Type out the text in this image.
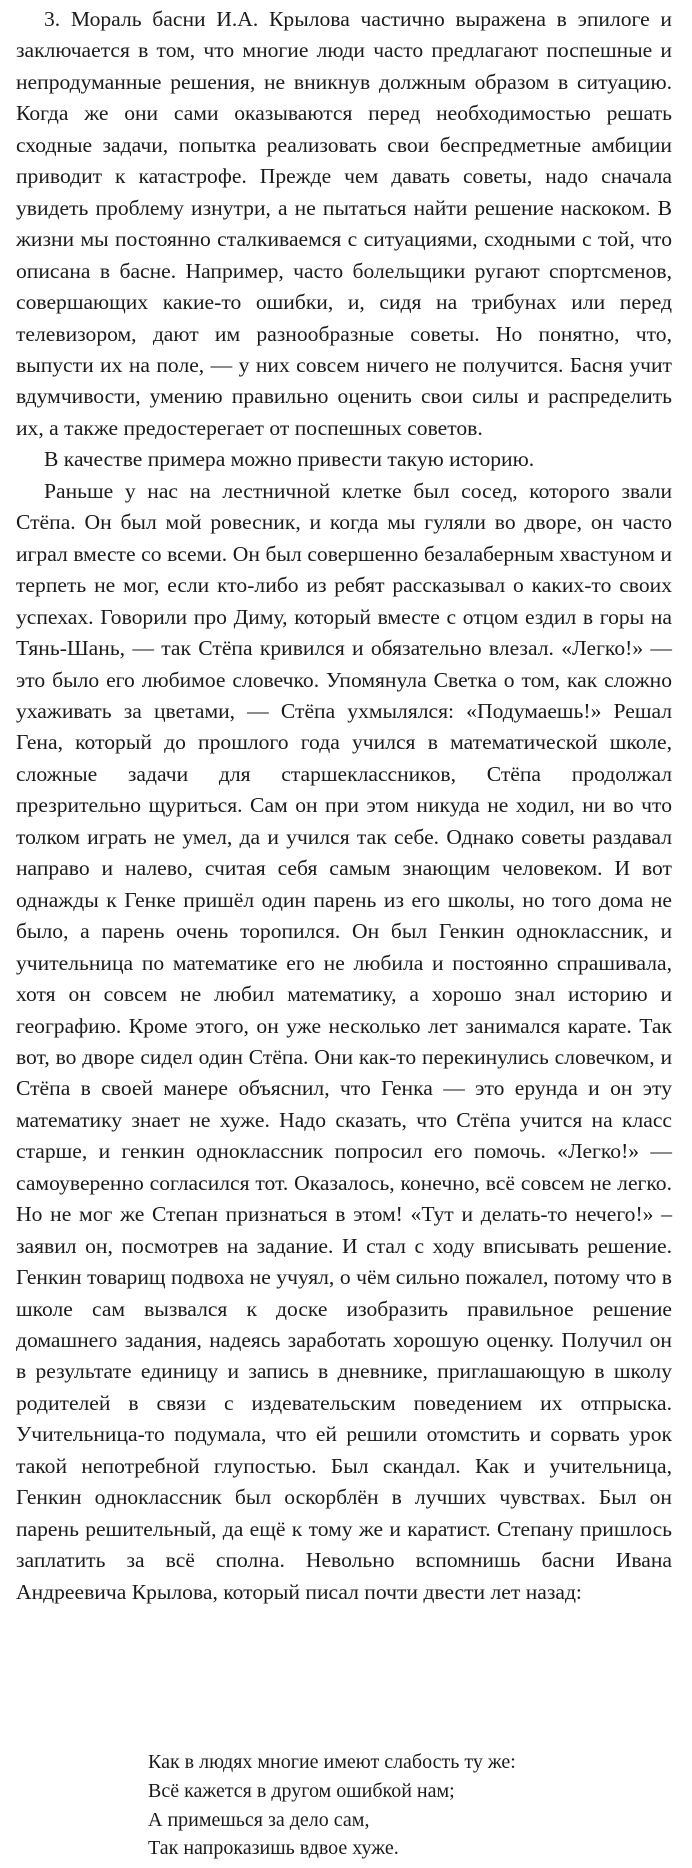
3. Мораль басни И.А. Крылова частично выражена в эпилоге и заключается в том, что многие люди часто предлагают поспешные и непродуманные решения, не вникнув должным образом в ситуацию. Когда же они сами оказываются перед необходимостью решать сходные задачи, попытка реализовать свои беспредметные амбиции приводит к катастрофе. Прежде чем давать советы, надо сначала увидеть проблему изнутри, а не пытаться найти решение наскоком. В жизни мы постоянно сталкиваемся с ситуациями, сходными с той, что описана в басне. Например, часто болельщики ругают спортсменов, совершающих какие-то ошибки, и, сидя на трибунах или перед телевизором, дают им разнообразные советы. Но понятно, что, выпусти их на поле, — у них совсем ничего не получится. Басня учит вдумчивости, умению правильно оценить свои силы и распределить их, а также предостерегает от поспешных советов.

В качестве примера можно привести такую историю.

Раньше у нас на лестничной клетке был сосед, которого звали Стёпа. Он был мой ровесник, и когда мы гуляли во дворе, он часто играл вместе со всеми. Он был совершенно безалаберным хвастуном и терпеть не мог, если кто-либо из ребят рассказывал о каких-то своих успехах. Говорили про Диму, который вместе с отцом ездил в горы на Тянь-Шань, — так Стёпа кривился и обязательно влезал. «Легко!» — это было его любимое словечко. Упомянула Светка о том, как сложно ухаживать за цветами, — Стёпа ухмылялся: «Подумаешь!» Решал Гена, который до прошлого года учился в математической школе, сложные задачи для старшеклассников, Стёпа продолжал презрительно щуриться. Сам он при этом никуда не ходил, ни во что толком играть не умел, да и учился так себе. Однако советы раздавал направо и налево, считая себя самым знающим человеком. И вот однажды к Генке пришёл один парень из его школы, но того дома не было, а парень очень торопился. Он был Генкин одноклассник, и учительница по математике его не любила и постоянно спрашивала, хотя он совсем не любил математику, а хорошо знал историю и географию. Кроме этого, он уже несколько лет занимался карате. Так вот, во дворе сидел один Стёпа. Они как-то перекинулись словечком, и Стёпа в своей манере объяснил, что Генка — это ерунда и он эту математику знает не хуже. Надо сказать, что Стёпа учится на класс старше, и генкин одноклассник попросил его помочь. «Легко!» — самоуверенно согласился тот. Оказалось, конечно, всё совсем не легко. Но не мог же Степан признаться в этом! «Тут и делать-то нечего!» – заявил он, посмотрев на задание. И стал с ходу вписывать решение. Генкин товарищ подвоха не учуял, о чём сильно пожалел, потому что в школе сам вызвался к доске изобразить правильное решение домашнего задания, надеясь заработать хорошую оценку. Получил он в результате единицу и запись в дневнике, приглашающую в школу родителей в связи с издевательским поведением их отпрыска. Учительница-то подумала, что ей решили отомстить и сорвать урок такой непотребной глупостью. Был скандал. Как и учительница, Генкин одноклассник был оскорблён в лучших чувствах. Был он парень решительный, да ещё к тому же и каратист. Степану пришлось заплатить за всё сполна. Невольно вспомнишь басни Ивана Андреевича Крылова, который писал почти двести лет назад:

Как в людях многие имеют слабость ту же:
Всё кажется в другом ошибкой нам;
А примешься за дело сам,
Так напроказишь вдвое хуже.
